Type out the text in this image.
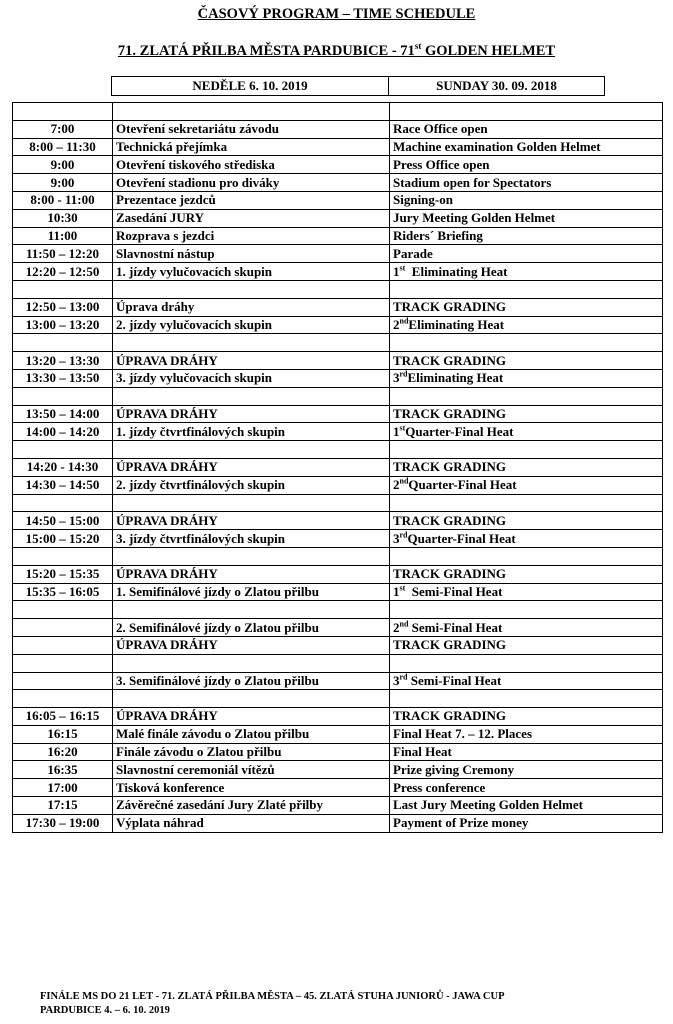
ČASOVÝ PROGRAM – TIME SCHEDULE
71. ZLATÁ PŘILBA MĚSTA PARDUBICE - 71st GOLDEN HELMET
NEDĚLE 6. 10. 2019	SUNDAY 30. 09. 2018

7:00	Otevření sekretariátu závodu	Race Office open
8:00 – 11:30	Technická přejímka	Machine examination Golden Helmet
9:00	Otevření tiskového střediska	Press Office open
9:00	Otevření stadionu pro diváky	Stadium open for Spectators
8:00 - 11:00	Prezentace jezdců	Signing-on
10:30	Zasedání JURY	Jury Meeting Golden Helmet
11:00	Rozprava s jezdci	Riders´ Briefing
11:50 – 12:20	Slavnostní nástup	Parade
12:20 – 12:50	1. jízdy vylučovacích skupin	1st  Eliminating Heat

12:50 – 13:00	Úprava dráhy	TRACK GRADING
13:00 – 13:20	2. jízdy vylučovacích skupin	2ndEliminating Heat

13:20 – 13:30	ÚPRAVA DRÁHY	TRACK GRADING
13:30 – 13:50	3. jízdy vylučovacích skupin	3rdEliminating Heat

13:50 – 14:00	ÚPRAVA DRÁHY	TRACK GRADING
14:00 – 14:20	1. jízdy čtvrtfinálových skupin	1stQuarter-Final Heat

14:20 - 14:30	ÚPRAVA DRÁHY	TRACK GRADING
14:30 – 14:50	2. jízdy čtvrtfinálových skupin	2ndQuarter-Final Heat

14:50 – 15:00	ÚPRAVA DRÁHY	TRACK GRADING
15:00 – 15:20	3. jízdy čtvrtfinálových skupin	3rdQuarter-Final Heat

15:20 – 15:35	ÚPRAVA DRÁHY	TRACK GRADING
15:35 – 16:05	1. Semifinálové jízdy o Zlatou přilbu	1st  Semi-Final Heat

	2. Semifinálové jízdy o Zlatou přilbu	2nd Semi-Final Heat
	ÚPRAVA DRÁHY	TRACK GRADING

	3. Semifinálové jízdy o Zlatou přilbu	3rd Semi-Final Heat

16:05 – 16:15	ÚPRAVA DRÁHY	TRACK GRADING
16:15	Malé finále závodu o Zlatou přilbu	Final Heat 7. – 12. Places
16:20	Finále závodu o Zlatou přilbu	Final Heat
16:35	Slavnostní ceremoniál vítězů	Prize giving Cremony
17:00	Tisková konference	Press conference
17:15	Závěrečné zasedání Jury Zlaté přilby	Last Jury Meeting Golden Helmet
17:30 – 19:00	Výplata náhrad	Payment of Prize money
FINÁLE MS DO 21 LET - 71. ZLATÁ PŘILBA MĚSTA – 45. ZLATÁ STUHA JUNIORŮ - JAWA CUP
PARDUBICE 4. – 6. 10. 2019
